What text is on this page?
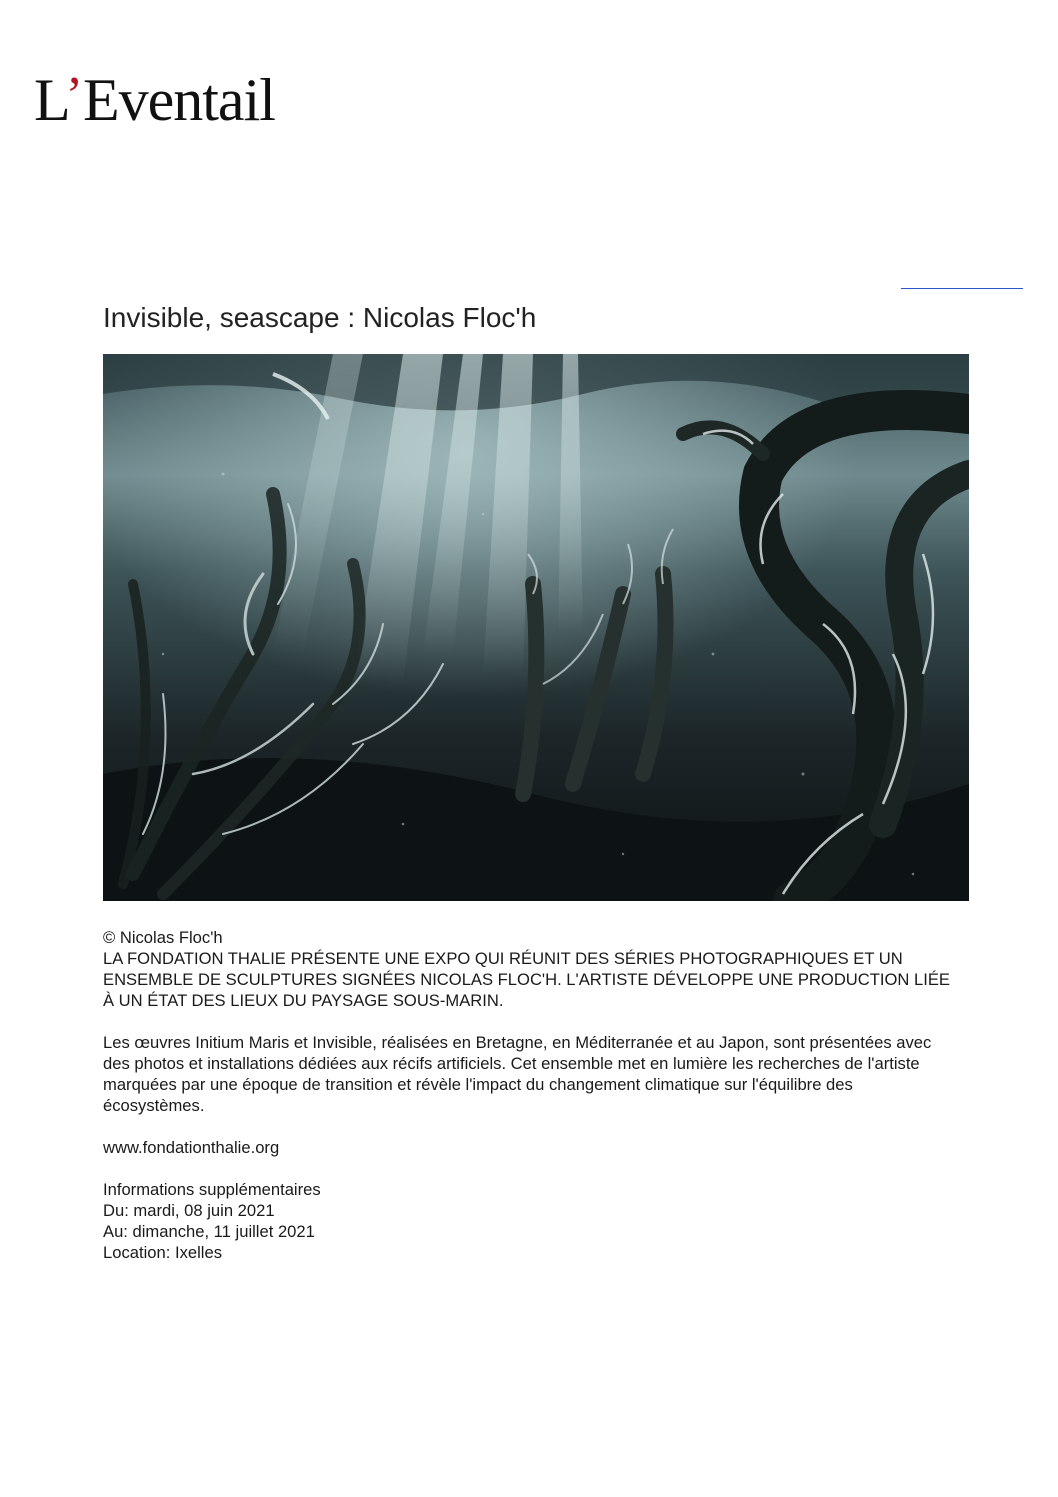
L’Eventail
Invisible, seascape : Nicolas Floc'h

© Nicolas Floc'h

LA FONDATION THALIE PRÉSENTE UNE EXPO QUI RÉUNIT DES SÉRIES PHOTOGRAPHIQUES ET UN ENSEMBLE DE SCULPTURES SIGNÉES NICOLAS FLOC'H. L'ARTISTE DÉVELOPPE UNE PRODUCTION LIÉE À UN ÉTAT DES LIEUX DU PAYSAGE SOUS-MARIN.

Les œuvres Initium Maris et Invisible, réalisées en Bretagne, en Méditerranée et au Japon, sont présentées avec des photos et installations dédiées aux récifs artificiels. Cet ensemble met en lumière les recherches de l'artiste marquées par une époque de transition et révèle l'impact du changement climatique sur l'équilibre des écosystèmes.

www.fondationthalie.org

Informations supplémentaires

Du: mardi, 08 juin 2021

Au: dimanche, 11 juillet 2021

Location: Ixelles
